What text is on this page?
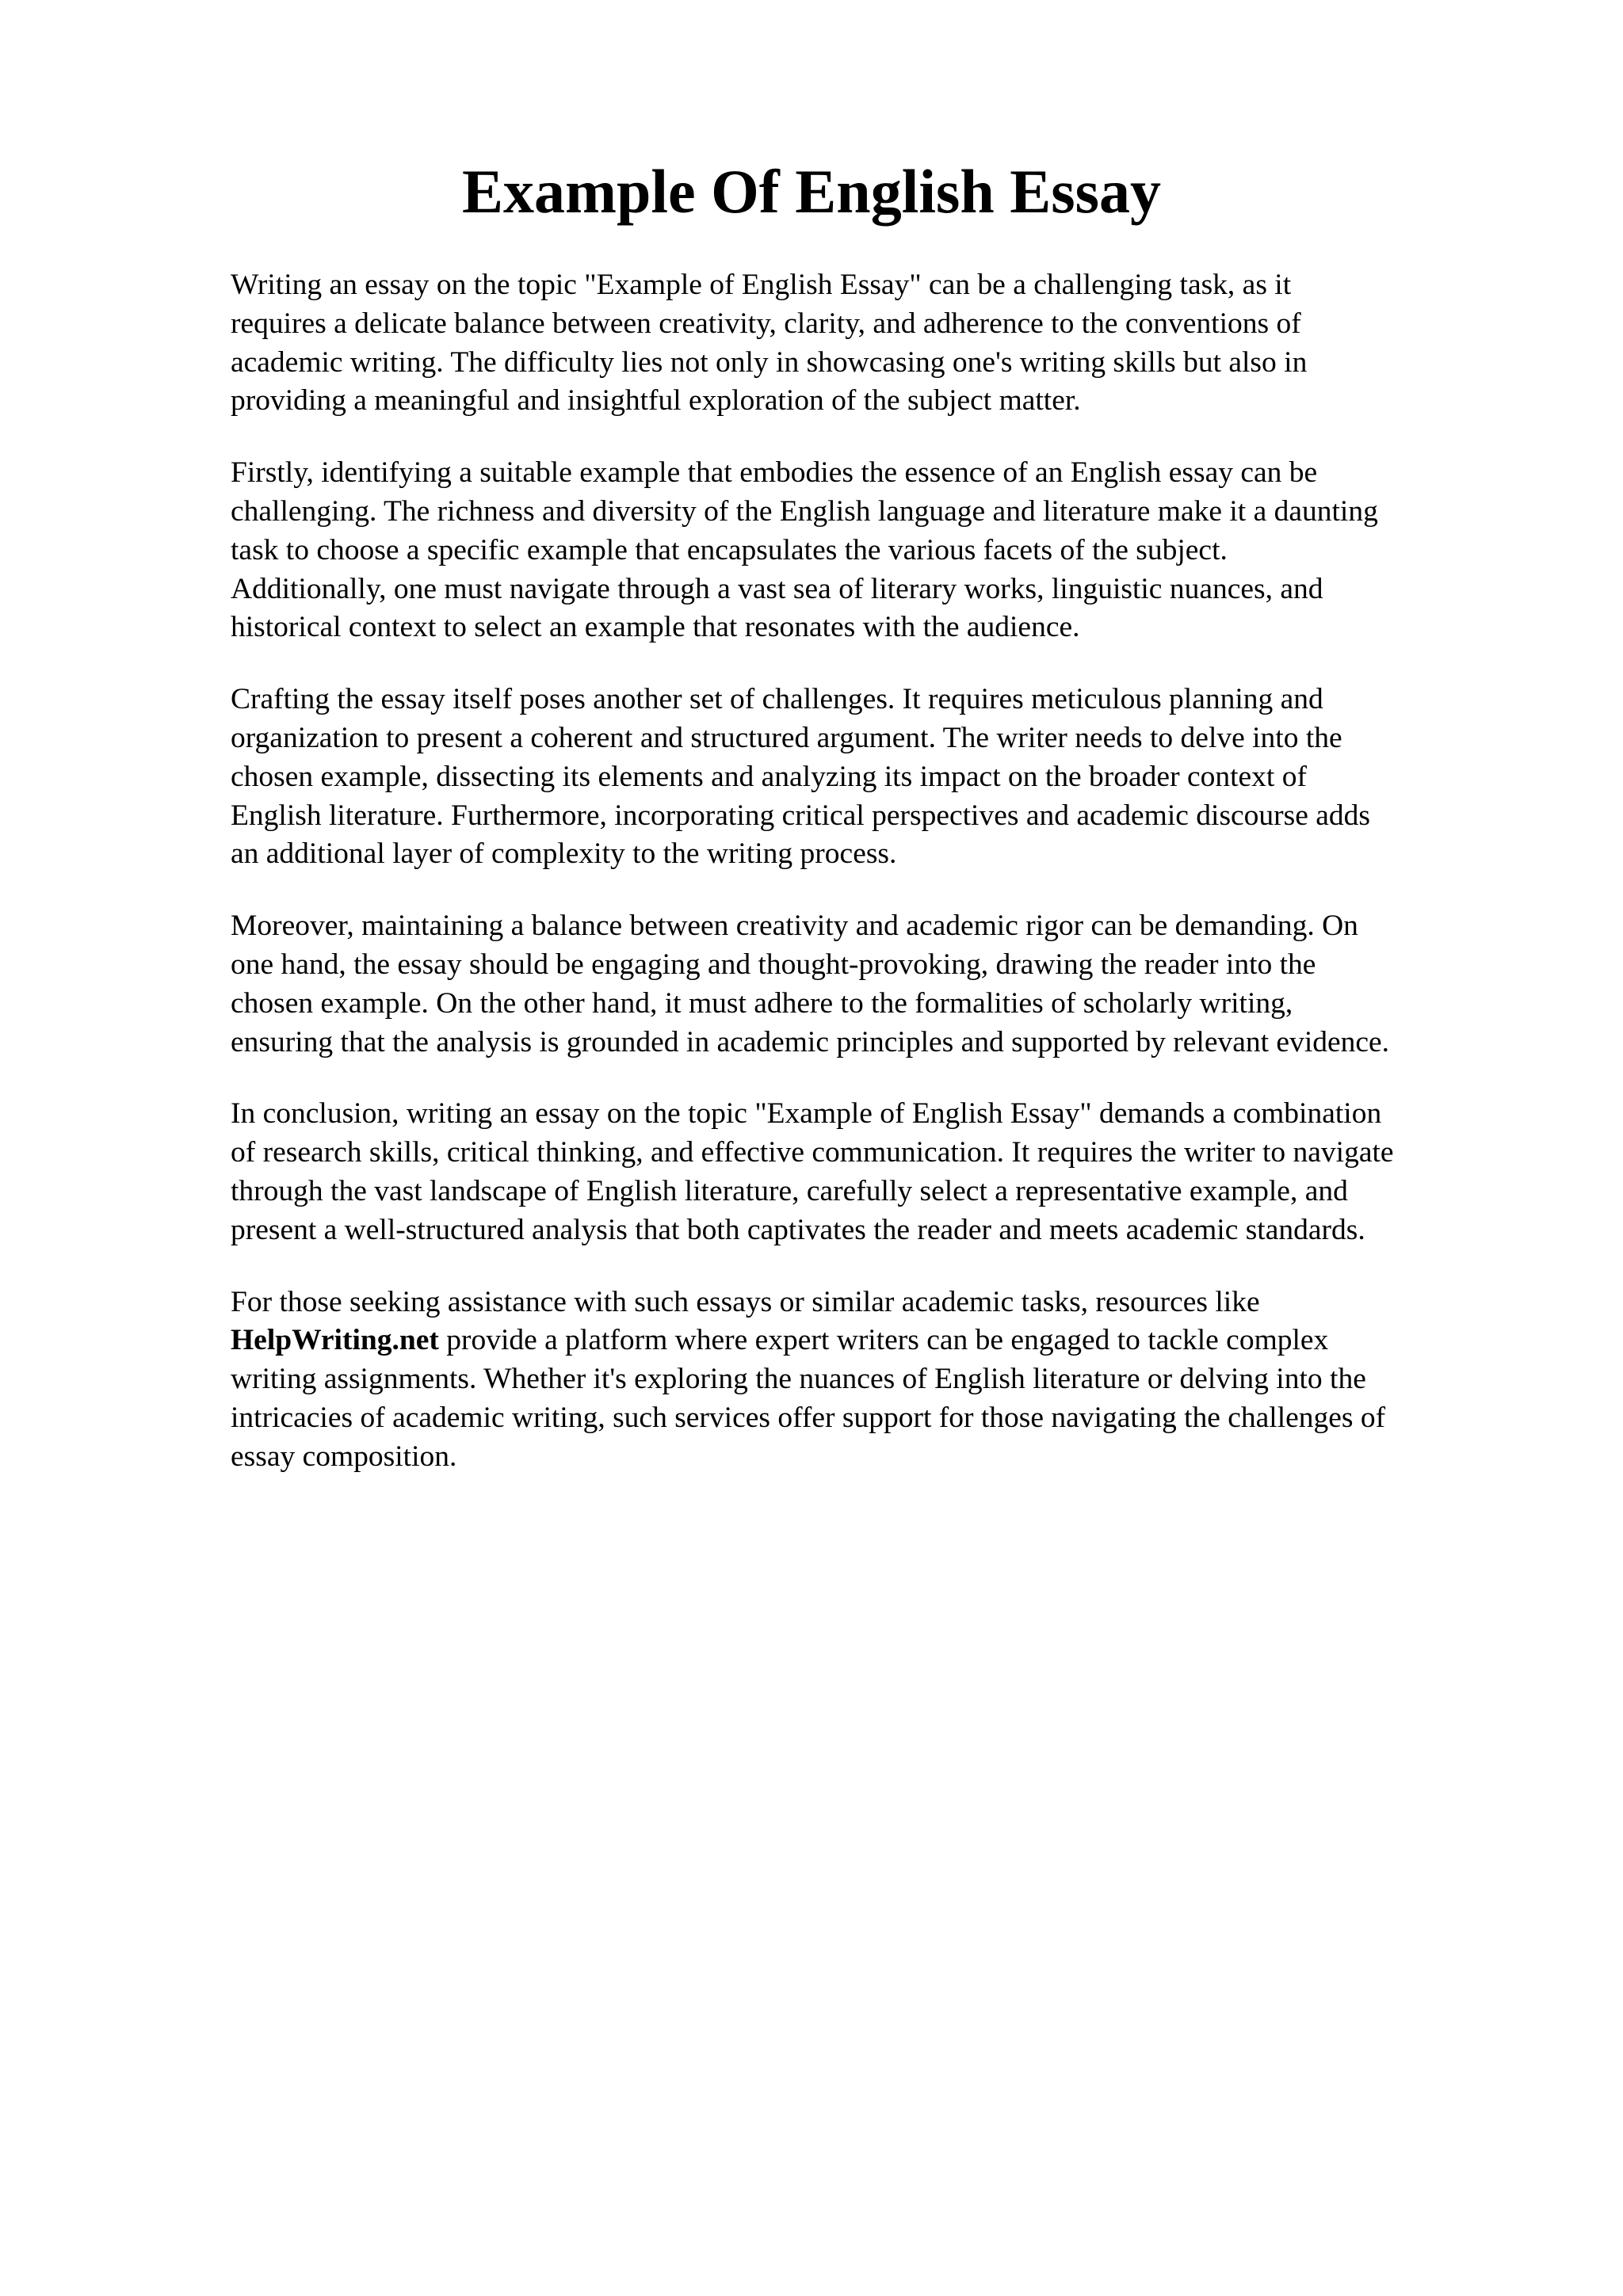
Example Of English Essay

Writing an essay on the topic "Example of English Essay" can be a challenging task, as it
requires a delicate balance between creativity, clarity, and adherence to the conventions of
academic writing. The difficulty lies not only in showcasing one's writing skills but also in
providing a meaningful and insightful exploration of the subject matter.

Firstly, identifying a suitable example that embodies the essence of an English essay can be
challenging. The richness and diversity of the English language and literature make it a daunting
task to choose a specific example that encapsulates the various facets of the subject.
Additionally, one must navigate through a vast sea of literary works, linguistic nuances, and
historical context to select an example that resonates with the audience.

Crafting the essay itself poses another set of challenges. It requires meticulous planning and
organization to present a coherent and structured argument. The writer needs to delve into the
chosen example, dissecting its elements and analyzing its impact on the broader context of
English literature. Furthermore, incorporating critical perspectives and academic discourse adds
an additional layer of complexity to the writing process.

Moreover, maintaining a balance between creativity and academic rigor can be demanding. On
one hand, the essay should be engaging and thought-provoking, drawing the reader into the
chosen example. On the other hand, it must adhere to the formalities of scholarly writing,
ensuring that the analysis is grounded in academic principles and supported by relevant evidence.

In conclusion, writing an essay on the topic "Example of English Essay" demands a combination
of research skills, critical thinking, and effective communication. It requires the writer to navigate
through the vast landscape of English literature, carefully select a representative example, and
present a well-structured analysis that both captivates the reader and meets academic standards.

For those seeking assistance with such essays or similar academic tasks, resources like
HelpWriting.net provide a platform where expert writers can be engaged to tackle complex
writing assignments. Whether it's exploring the nuances of English literature or delving into the
intricacies of academic writing, such services offer support for those navigating the challenges of
essay composition.
